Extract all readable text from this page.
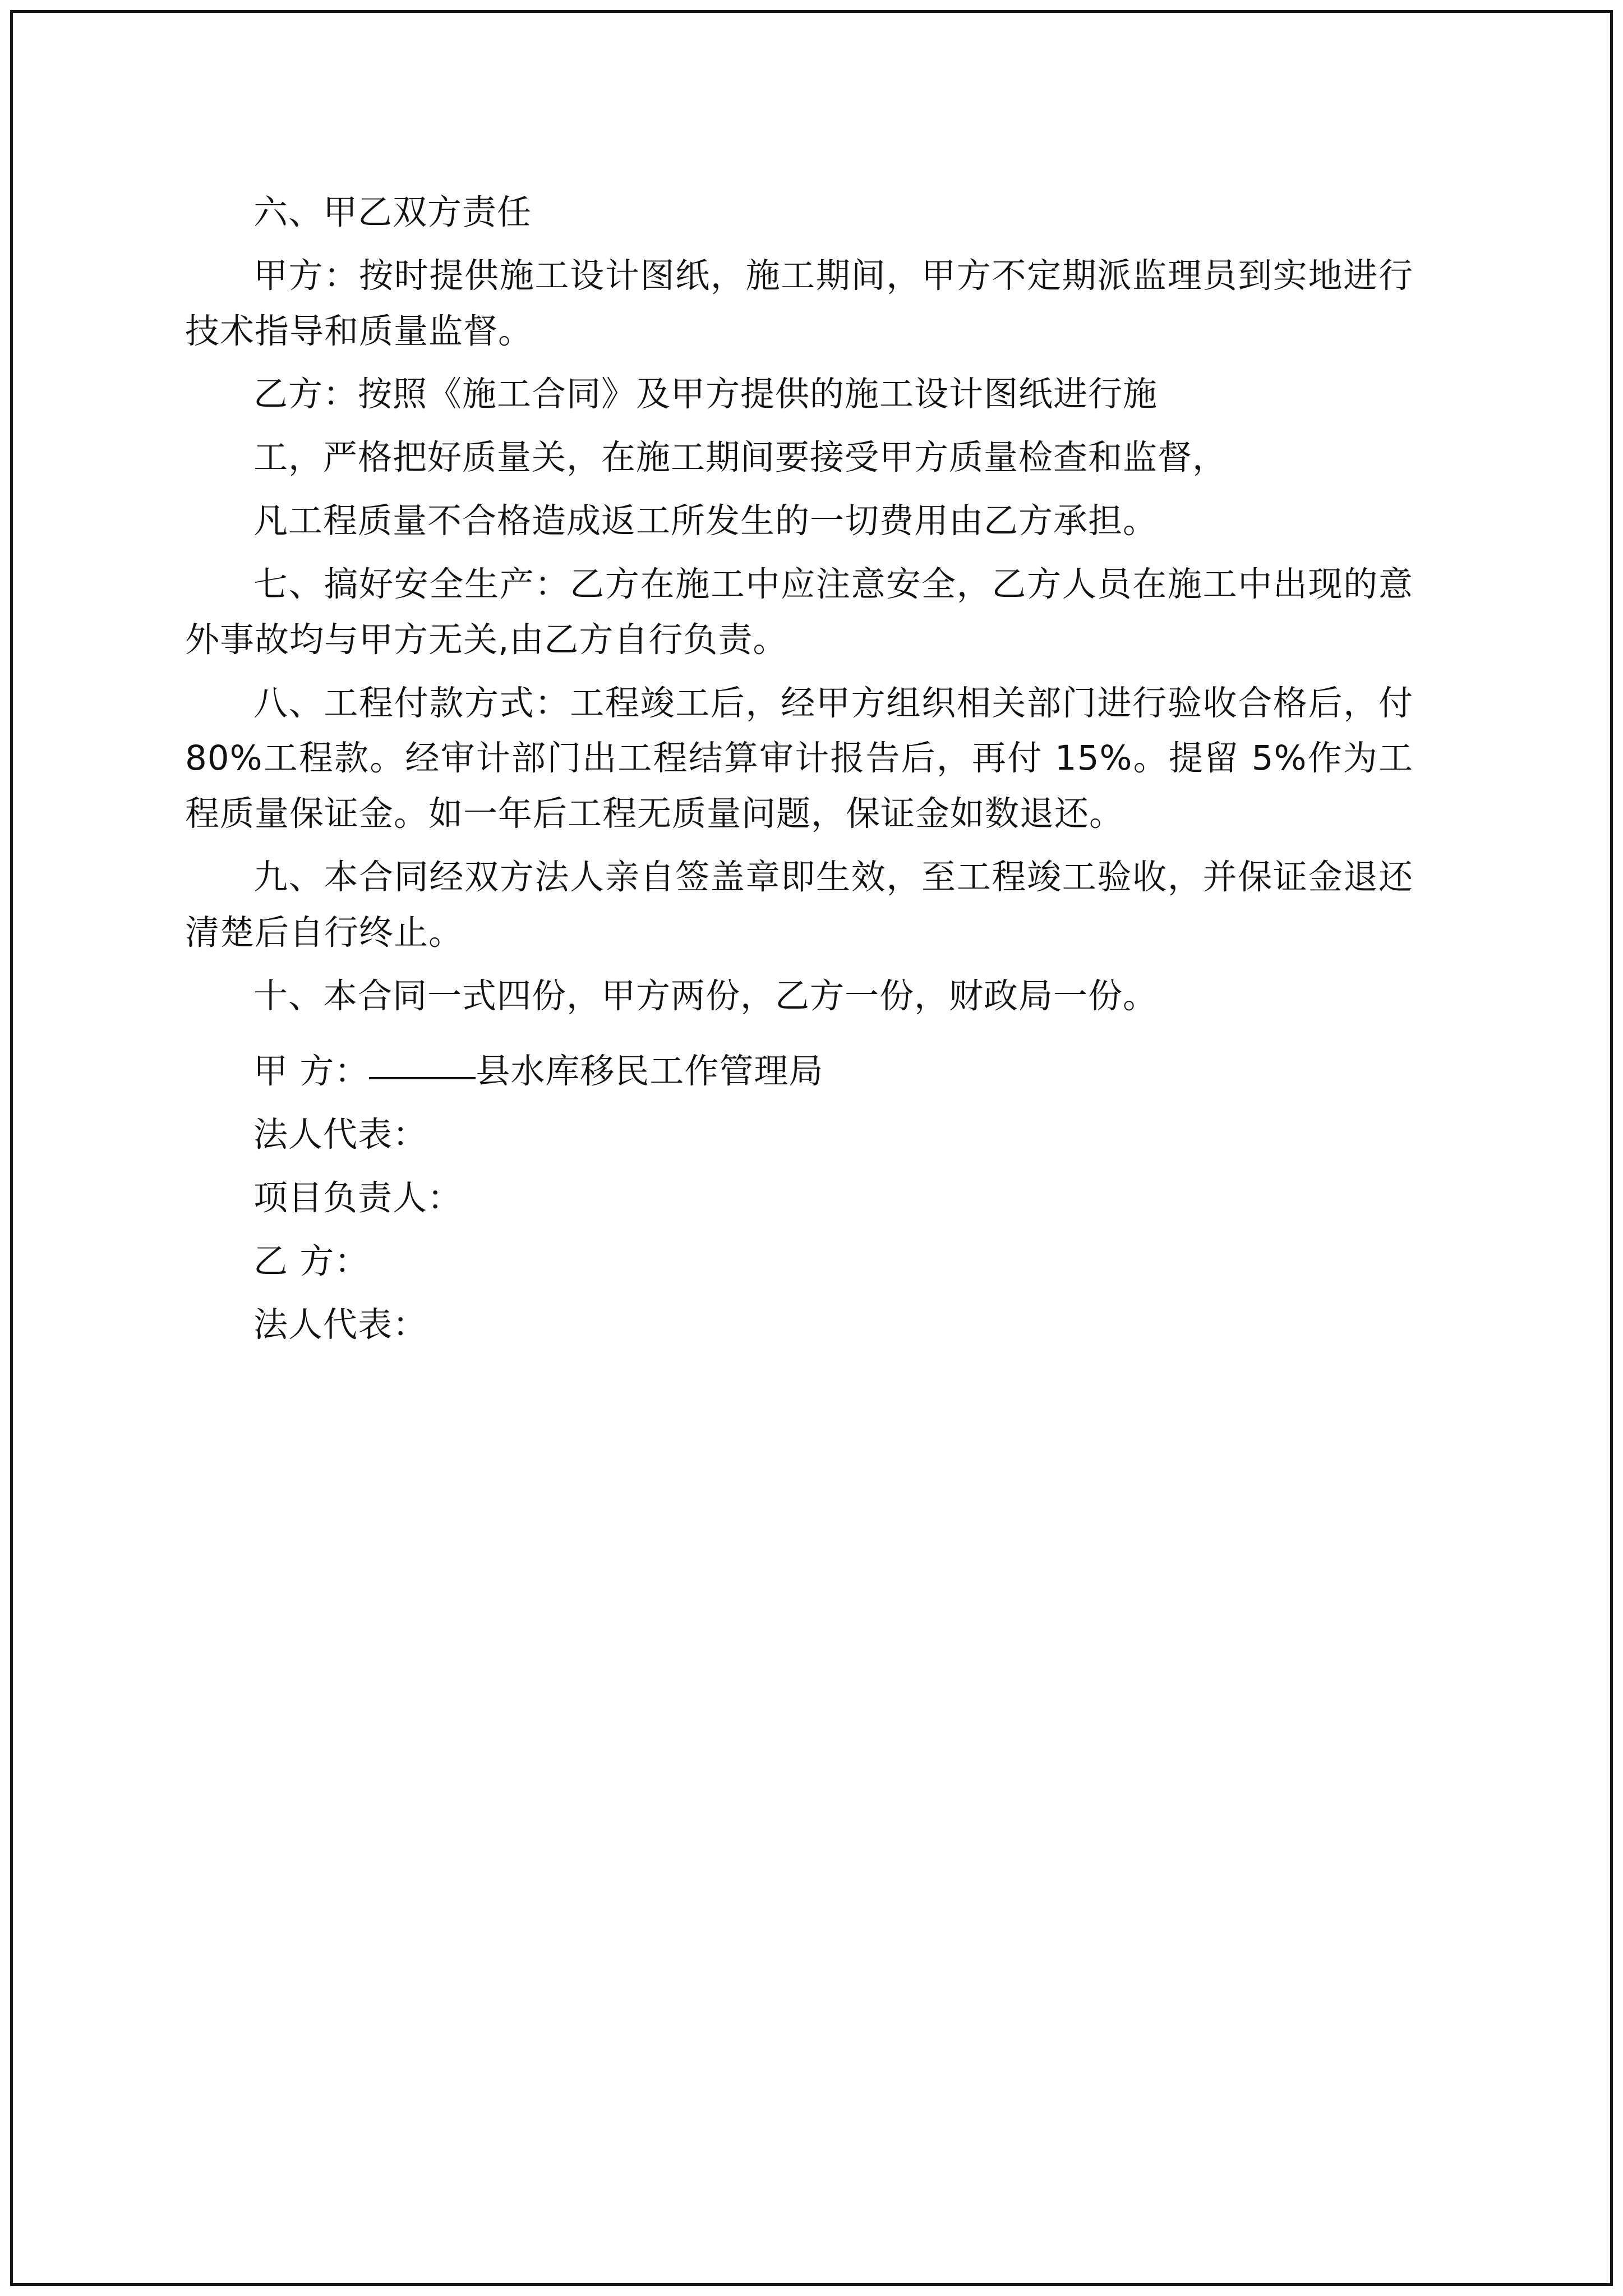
六、甲乙双方责任

甲方：按时提供施工设计图纸，施工期间，甲方不定期派监理员到实地进行技术指导和质量监督。

乙方：按照《施工合同》及甲方提供的施工设计图纸进行施

工，严格把好质量关，在施工期间要接受甲方质量检查和监督，

凡工程质量不合格造成返工所发生的一切费用由乙方承担。

七、搞好安全生产：乙方在施工中应注意安全，乙方人员在施工中出现的意外事故均与甲方无关,由乙方自行负责。

八、工程付款方式：工程竣工后，经甲方组织相关部门进行验收合格后，付 80%工程款。经审计部门出工程结算审计报告后，再付 15%。提留 5%作为工程质量保证金。如一年后工程无质量问题，保证金如数退还。

九、本合同经双方法人亲自签盖章即生效，至工程竣工验收，并保证金退还清楚后自行终止。

十、本合同一式四份，甲方两份，乙方一份，财政局一份。

甲 方：	县水库移民工作管理局
法人代表：
项目负责人：
乙 方：
法人代表：
